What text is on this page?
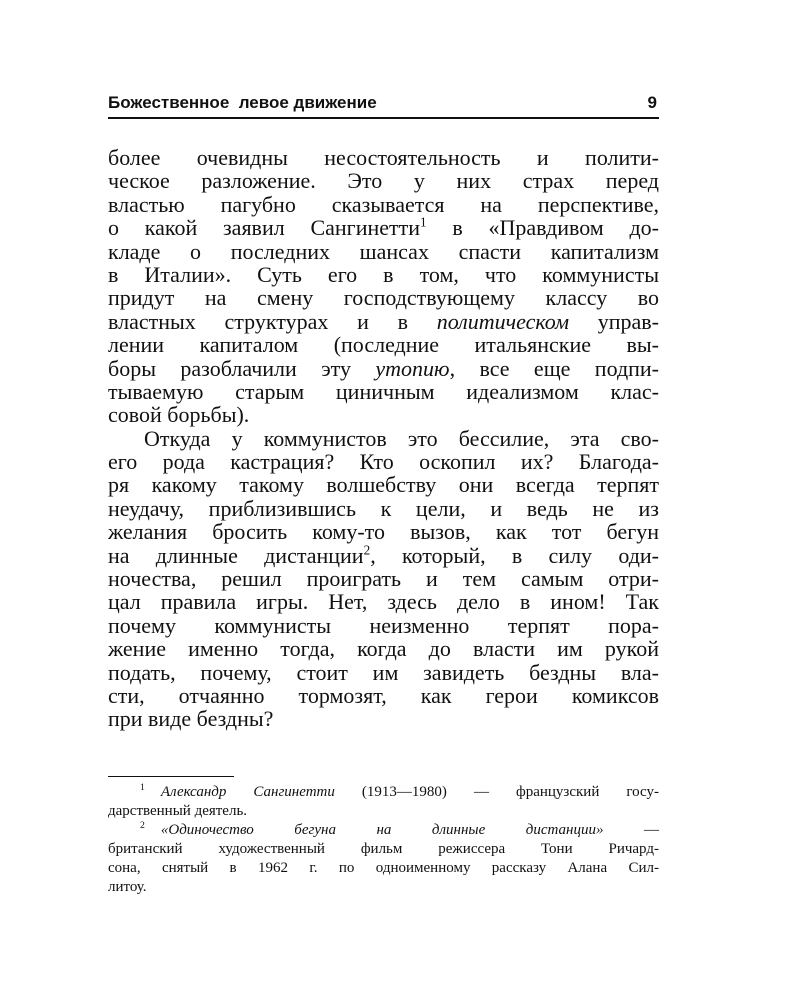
Божественное  левое движение	9
более очевидны несостоятельность и полити-
ческое разложение. Это у них страх перед
властью пагубно сказывается на перспективе,
о какой заявил Сангинетти$^1$ в «Правдивом до-
кладе о последних шансах спасти капитализм
в Италии». Суть его в том, что коммунисты
придут на смену господствующему классу во
властных структурах и в политическом управ-
лении капиталом (последние итальянские вы-
боры разоблачили эту утопию, все еще подпи-
тываемую старым циничным идеализмом клас-
совой борьбы).
Откуда у коммунистов это бессилие, эта сво-
его рода кастрация? Кто оскопил их? Благода-
ря какому такому волшебству они всегда терпят
неудачу, приблизившись к цели, и ведь не из
желания бросить кому-то вызов, как тот бегун
на длинные дистанции$^2$, который, в силу оди-
ночества, решил проиграть и тем самым отри-
цал правила игры. Нет, здесь дело в ином! Так
почему коммунисты неизменно терпят пора-
жение именно тогда, когда до власти им рукой
подать, почему, стоит им завидеть бездны вла-
сти, отчаянно тормозят, как герои комиксов
при виде бездны?
$^1$ Александр Сангинетти (1913—1980) — французский госу-
дарственный деятель.
$^2$ «Одиночество бегуна на длинные дистанции» —
британский художественный фильм режиссера Тони Ричард-
сона, снятый в 1962 г. по одноименному рассказу Алана Сил-
литоу.
